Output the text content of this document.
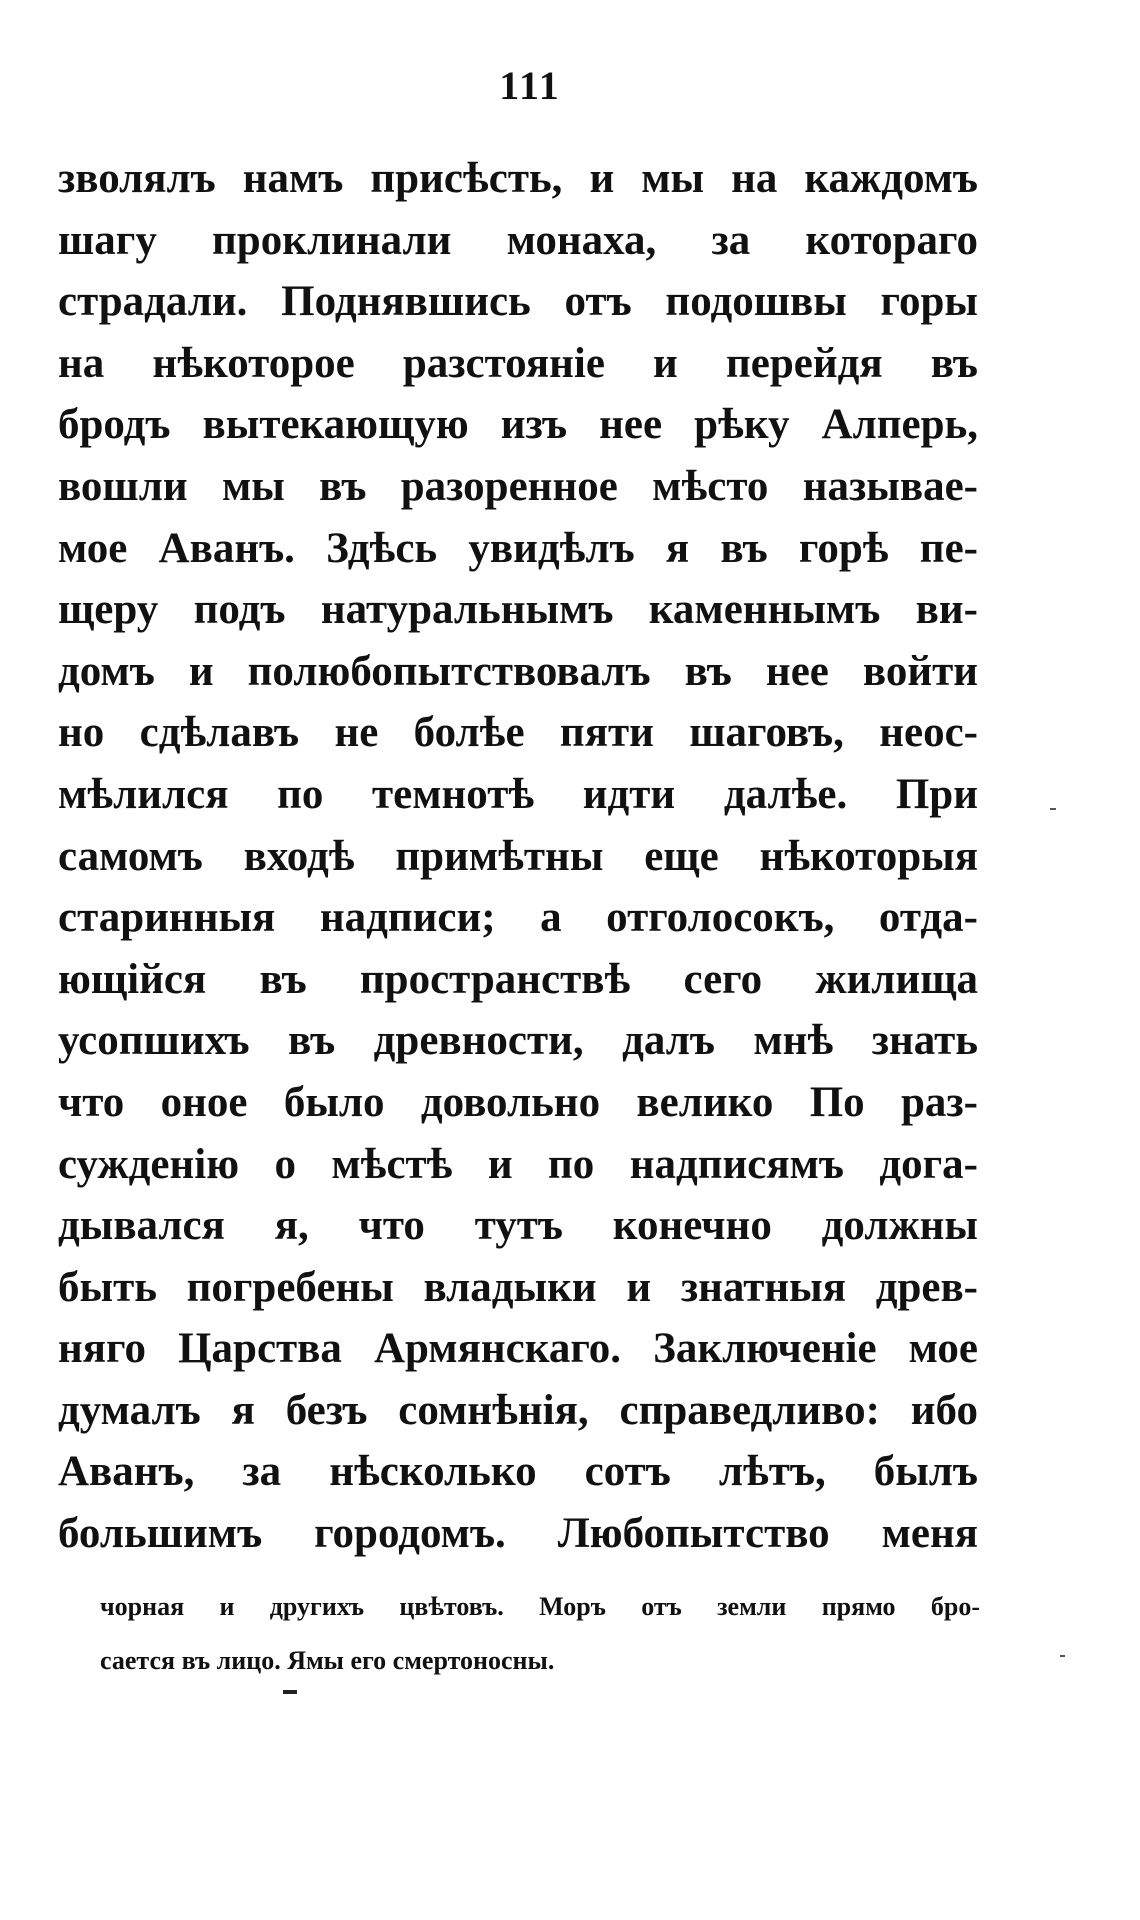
111
зволялъ намъ присѣсть, и мы на каждомъ
шагу проклинали монаха, за котораго
страдали. Поднявшись отъ подошвы горы
на нѣкоторое разстоянiе и перейдя въ
бродъ вытекающую изъ нее рѣку Алперь,
вошли мы въ разоренное мѣсто называе-
мое Аванъ. Здѣсь увидѣлъ я въ горѣ пе-
щеру подъ натуральнымъ каменнымъ ви-
домъ и полюбопытствовалъ въ нее войти
но сдѣлавъ не болѣе пяти шаговъ, неос-
мѣлился по темнотѣ идти далѣе. При
самомъ входѣ примѣтны еще нѣкоторыя
старинныя надписи; а отголосокъ, отда-
ющiйся въ пространствѣ сего жилища
усопшихъ въ древности, далъ мнѣ знать
что оное было довольно велико По раз-
сужденiю о мѣстѣ и по надписямъ дога-
дывался я, что тутъ конечно должны
быть погребены владыки и знатныя древ-
няго Царства Армянскаго. Заключенiе мое
думалъ я безъ сомнѣнiя, справедливо: ибо
Аванъ, за нѣсколько сотъ лѣтъ, былъ
большимъ городомъ. Любопытство меня
чорная и другихъ цвѣтовъ. Моръ отъ земли прямо бро-
сается въ лицо. Ямы его смертоносны.
